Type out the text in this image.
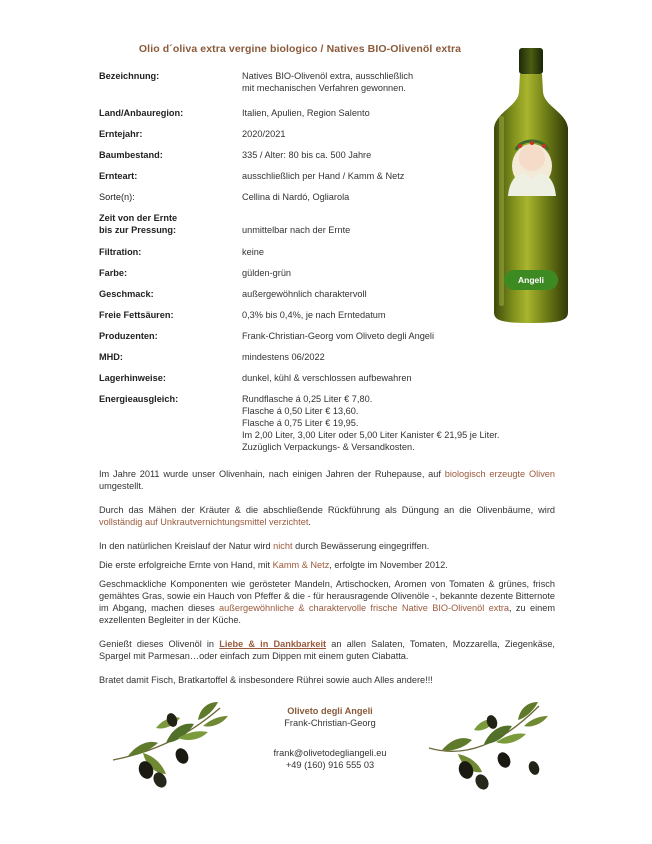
Olio d´oliva extra vergine biologico / Natives BIO-Olivenöl extra
Bezeichnung:	Natives BIO-Olivenöl extra, ausschließlich
mit mechanischen Verfahren gewonnen.
Land/Anbauregion:	Italien, Apulien, Region Salento
Erntejahr:	2020/2021
Baumbestand:	335 / Alter: 80 bis ca. 500 Jahre
Ernteart:	ausschließlich per Hand / Kamm & Netz
Sorte(n):	Cellina di Nardó, Ogliarola
Zeit von der Ernte
bis zur Pressung:	unmittelbar nach der Ernte
Filtration:	keine
Farbe:	gülden-grün
Geschmack:	außergewöhnlich charaktervoll
Freie Fettsäuren:	0,3% bis 0,4%, je nach Erntedatum
Produzenten:	Frank-Christian-Georg vom Oliveto degli Angeli
MHD:	mindestens 06/2022
Lagerhinweise:	dunkel, kühl & verschlossen aufbewahren
Energieausgleich:	Rundflasche á 0,25 Liter € 7,80.
Flasche á 0,50 Liter € 13,60.
Flasche á 0,75 Liter € 19,95.
Im 2,00 Liter, 3,00 Liter oder 5,00 Liter Kanister € 21,95 je Liter.
Zuzüglich Verpackungs- & Versandkosten.
Angeli
Im Jahre 2011 wurde unser Olivenhain, nach einigen Jahren der Ruhepause, auf biologisch erzeugte Oliven umgestellt.
Durch das Mähen der Kräuter & die abschließende Rückführung als Düngung an die Olivenbäume, wird vollständig auf Unkrautvernichtungsmittel verzichtet.
In den natürlichen Kreislauf der Natur wird nicht durch Bewässerung eingegriffen.
Die erste erfolgreiche Ernte von Hand, mit Kamm & Netz, erfolgte im November 2012.
Geschmackliche Komponenten wie gerösteter Mandeln, Artischocken, Aromen von Tomaten & grünes, frisch gemähtes Gras, sowie ein Hauch von Pfeffer & die - für herausragende Olivenöle -, bekannte dezente Bitternote im Abgang, machen dieses außergewöhnliche & charaktervolle frische Native BIO-Olivenöl extra, zu einem exzellenten Begleiter in der Küche.
Genießt dieses Olivenöl in Liebe & in Dankbarkeit an allen Salaten, Tomaten, Mozzarella, Ziegenkäse, Spargel mit Parmesan…oder einfach zum Dippen mit einem guten Ciabatta.
Bratet damit Fisch, Bratkartoffel & insbesondere Rührei sowie auch Alles andere!!!
Oliveto degli Angeli
Frank-Christian-Georg
frank@olivetodegliangeli.eu
+49 (160) 916 555 03
